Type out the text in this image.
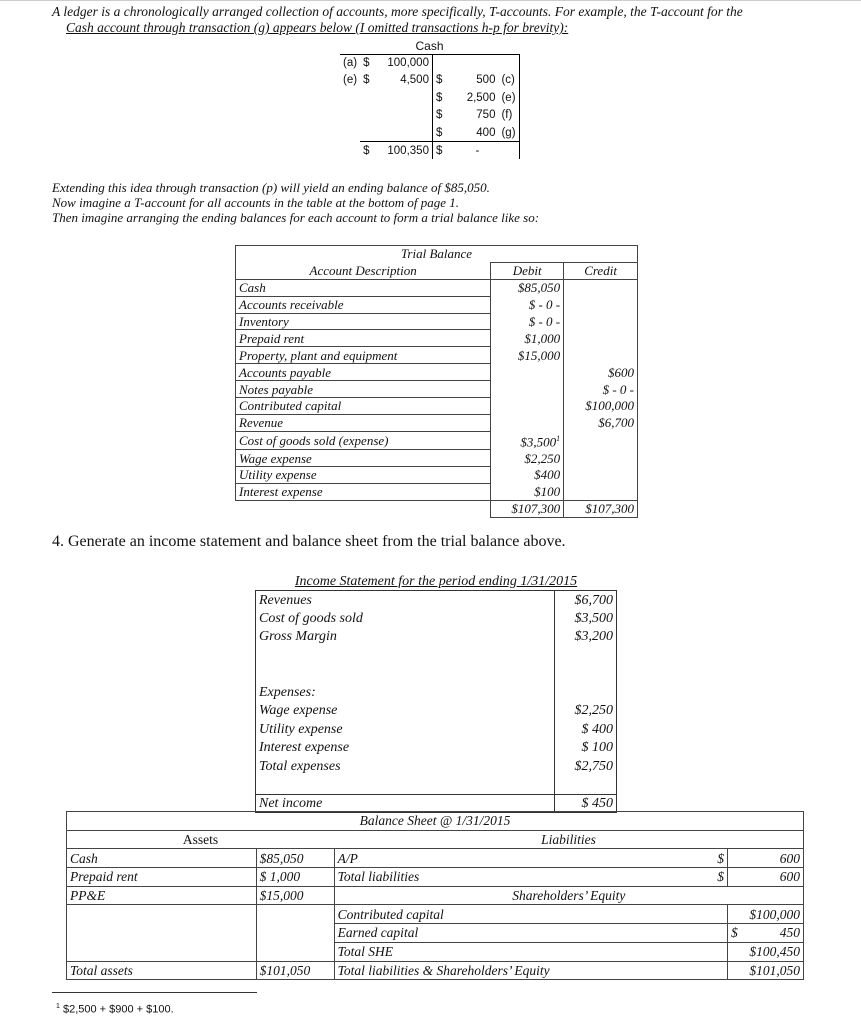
A ledger is a chronologically arranged collection of accounts, more specifically, T-accounts. For example, the T-account for the
Cash account through transaction (g) appears below (I omitted transactions h-p for brevity):
Cash					
(a)	$	100,000			
(e)	$	4,500	$	500	(c)
			$	2,500	(e)
			$	750	(f)
			$	400	(g)
	$	100,350	$	-	
Extending this idea through transaction (p) will yield an ending balance of $85,050.
Now imagine a T-account for all accounts in the table at the bottom of page 1.
Then imagine arranging the ending balances for each account to form a trial balance like so:
Trial Balance		
Account Description	Debit	Credit
Cash	$85,050	
Accounts receivable	$ - 0 -	
Inventory	$ - 0 -	
Prepaid rent	$1,000	
Property, plant and equipment	$15,000	
Accounts payable		$600
Notes payable		$ - 0 -
Contributed capital		$100,000
Revenue		$6,700
Cost of goods sold (expense)	$3,500$^1$	
Wage expense	$2,250	
Utility expense	$400	
Interest expense	$100	
	$107,300	$107,300
4. Generate an income statement and balance sheet from the trial balance above.
Income Statement for the period ending 1/31/2015	
Revenues	$6,700
Cost of goods sold	$3,500
Gross Margin	$3,200

Expenses:	
Wage expense	$2,250
Utility expense	$ 400
Interest expense	$ 100
Total expenses	$2,750

Net income	$ 450
Balance Sheet @ 1/31/2015				
Assets		Liabilities		
Cash	$85,050	A/P	$	600
Prepaid rent	$ 1,000	Total liabilities	$	600
PP&E	$15,000	Shareholders’ Equity		
		Contributed capital		$100,000
		Earned capital		$ 450

		Total SHE		$100,450
Total assets	$101,050	Total liabilities & Shareholders’ Equity		$101,050
$^1$ $2,500 + $900 + $100.
